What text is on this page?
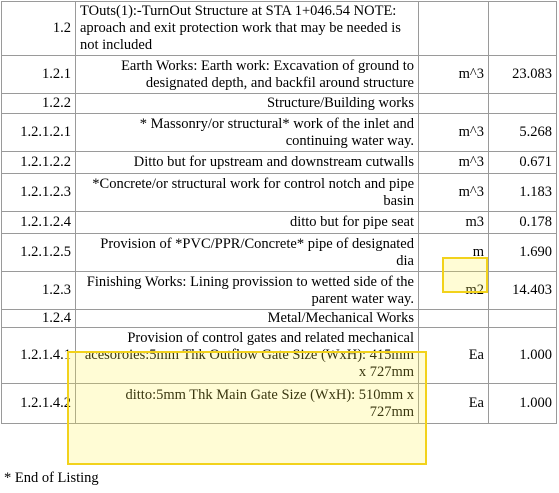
1.2	TOuts(1):-TurnOut Structure at STA 1+046.54 NOTE: aproach and exit protection work that may be needed is not included		
1.2.1	Earth Works: Earth work: Excavation of ground to designated depth, and backfil around structure	m^3	23.083
1.2.2	Structure/Building works		
1.2.1.2.1	* Massonry/or structural* work of the inlet and continuing water way.	m^3	5.268
1.2.1.2.2	Ditto but for upstream and downstream cutwalls	m^3	0.671
1.2.1.2.3	*Concrete/or structural work for control notch and pipe basin	m^3	1.183
1.2.1.2.4	ditto but for pipe seat	m3	0.178
1.2.1.2.5	Provision of *PVC/PPR/Concrete* pipe of designated dia	m	1.690
1.2.3	Finishing Works: Lining provission to wetted side of the parent water way.	m2	14.403
1.2.4	Metal/Mechanical Works		
1.2.1.4.1	Provision of control gates and related mechanical acesoroies:5mm Thk Outflow Gate Size (WxH): 415mm x 727mm	Ea	1.000
1.2.1.4.2	ditto:5mm Thk Main Gate Size (WxH): 510mm x 727mm	Ea	1.000
* End of Listing
